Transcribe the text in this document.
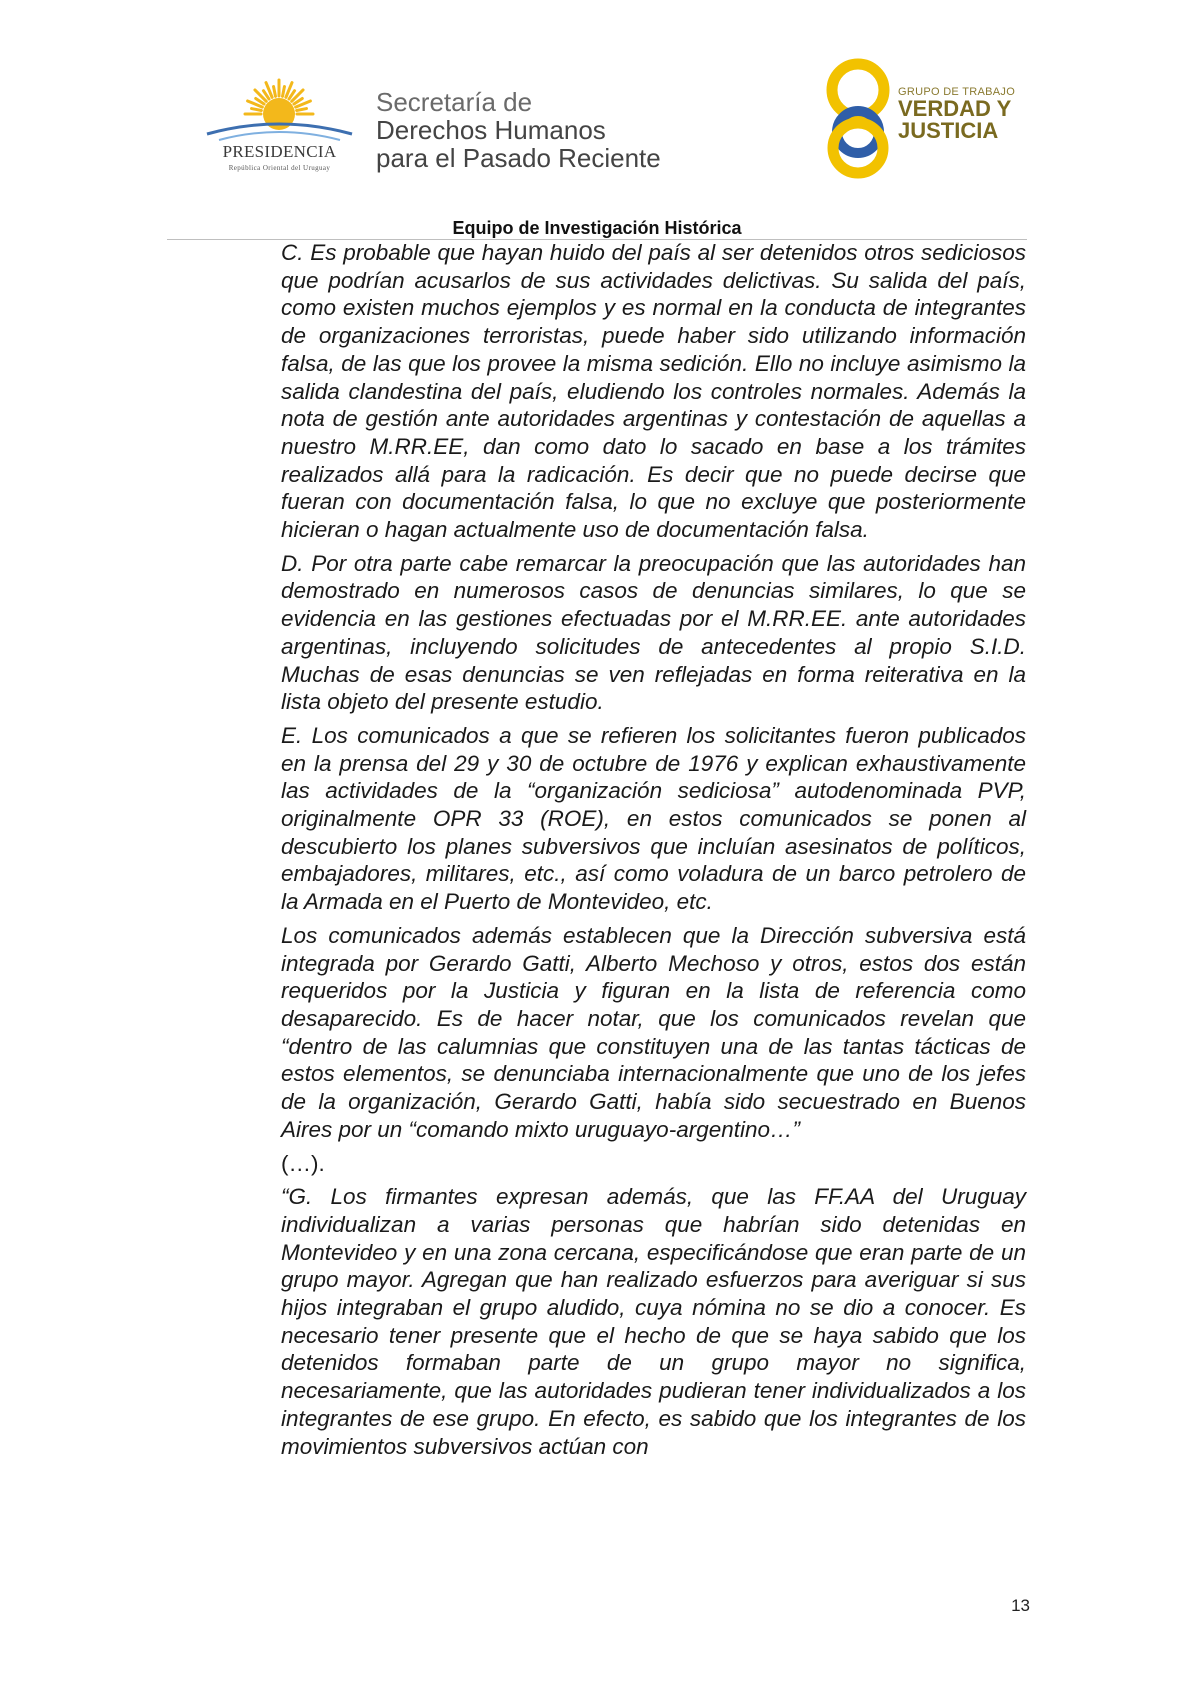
PRESIDENCIA
República Oriental del Uruguay
Secretaría de
Derechos Humanos
para el Pasado Reciente
GRUPO DE TRABAJO
VERDAD Y
JUSTICIA
Equipo de Investigación Histórica

C. Es probable que hayan huido del país al ser detenidos otros sediciosos que podrían acusarlos de sus actividades delictivas. Su salida del país, como existen muchos ejemplos y es normal en la conducta de integrantes de organizaciones terroristas, puede haber sido utilizando información falsa, de las que los provee la misma sedición. Ello no incluye asimismo la salida clandestina del país, eludiendo los controles normales. Además la nota de gestión ante autoridades argentinas y contestación de aquellas a nuestro M.RR.EE, dan como dato lo sacado en base a los trámites realizados allá para la radicación. Es decir que no puede decirse que fueran con documentación falsa, lo que no excluye que posteriormente hicieran o hagan actualmente uso de documentación falsa.

D. Por otra parte cabe remarcar la preocupación que las autoridades han demostrado en numerosos casos de denuncias similares, lo que se evidencia en las gestiones efectuadas por el M.RR.EE. ante autoridades argentinas, incluyendo solicitudes de antecedentes al propio S.I.D. Muchas de esas denuncias se ven reflejadas en forma reiterativa en la lista objeto del presente estudio.

E. Los comunicados a que se refieren los solicitantes fueron publicados en la prensa del 29 y 30 de octubre de 1976 y explican exhaustivamente las actividades de la “organización sediciosa” autodenominada PVP, originalmente OPR 33 (ROE), en estos comunicados se ponen al descubierto los planes subversivos que incluían asesinatos de políticos, embajadores, militares, etc., así como voladura de un barco petrolero de la Armada en el Puerto de Montevideo, etc.

Los comunicados además establecen que la Dirección subversiva está integrada por Gerardo Gatti, Alberto Mechoso y otros, estos dos están requeridos por la Justicia y figuran en la lista de referencia como desaparecido. Es de hacer notar, que los comunicados revelan que “dentro de las calumnias que constituyen una de las tantas tácticas de estos elementos, se denunciaba internacionalmente que uno de los jefes de la organización, Gerardo Gatti, había sido secuestrado en Buenos Aires por un “comando mixto uruguayo-argentino…”

(…).

“G. Los firmantes expresan además, que las FF.AA del Uruguay individualizan a varias personas que habrían sido detenidas en Montevideo y en una zona cercana, especificándose que eran parte de un grupo mayor. Agregan que han realizado esfuerzos para averiguar si sus hijos integraban el grupo aludido, cuya nómina no se dio a conocer. Es necesario tener presente que el hecho de que se haya sabido que los detenidos formaban parte de un grupo mayor no significa, necesariamente, que las autoridades pudieran tener individualizados a los integrantes de ese grupo. En efecto, es sabido que los integrantes de los movimientos subversivos actúan con

13
